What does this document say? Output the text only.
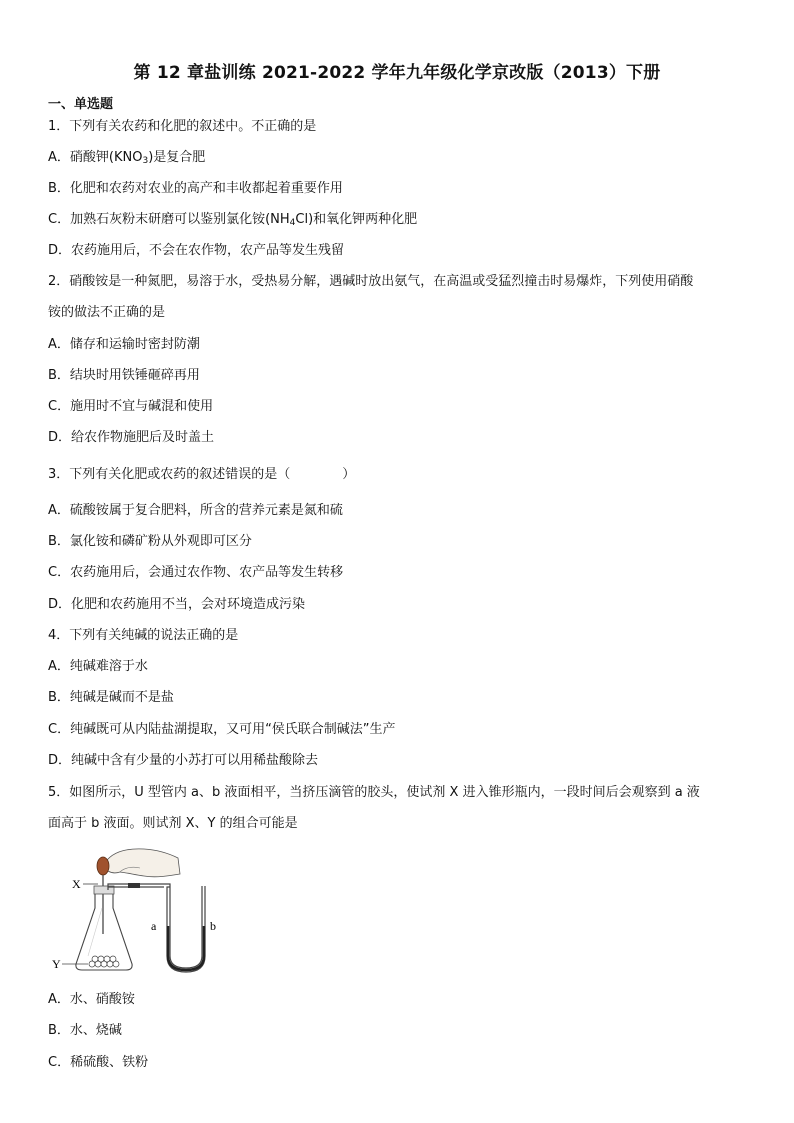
第 12 章盐训练 2021-2022 学年九年级化学京改版（2013）下册
一、单选题
1．下列有关农药和化肥的叙述中。不正确的是
A．硝酸钾$(KNO_3)$是复合肥
B．化肥和农药对农业的高产和丰收都起着重要作用
C．加熟石灰粉末研磨可以鉴别氯化铵$(NH_4Cl)$和氧化钾两种化肥
D．农药施用后，不会在农作物，农产品等发生残留
2．硝酸铵是一种氮肥，易溶于水，受热易分解，遇碱时放出氨气，在高温或受猛烈撞击时易爆炸，下列使用硝酸
铵的做法不正确的是
A．储存和运输时密封防潮
B．结块时用铁锤砸碎再用
C．施用时不宜与碱混和使用
D．给农作物施肥后及时盖土
3．下列有关化肥或农药的叙述错误的是（　　　　）
A．硫酸铵属于复合肥料，所含的营养元素是氮和硫
B．氯化铵和磷矿粉从外观即可区分
C．农药施用后，会通过农作物、农产品等发生转移
D．化肥和农药施用不当，会对环境造成污染
4．下列有关纯碱的说法正确的是
A．纯碱难溶于水
B．纯碱是碱而不是盐
C．纯碱既可从内陆盐湖提取，又可用“侯氏联合制碱法”生产
D．纯碱中含有少量的小苏打可以用稀盐酸除去
5．如图所示，U 型管内 a、b 液面相平，当挤压滴管的胶头，使试剂 X 进入锥形瓶内，一段时间后会观察到 a 液
面高于 b 液面。则试剂 X、Y 的组合可能是
X
Y
a	b
A．水、硝酸铵
B．水、烧碱
C．稀硫酸、铁粉
